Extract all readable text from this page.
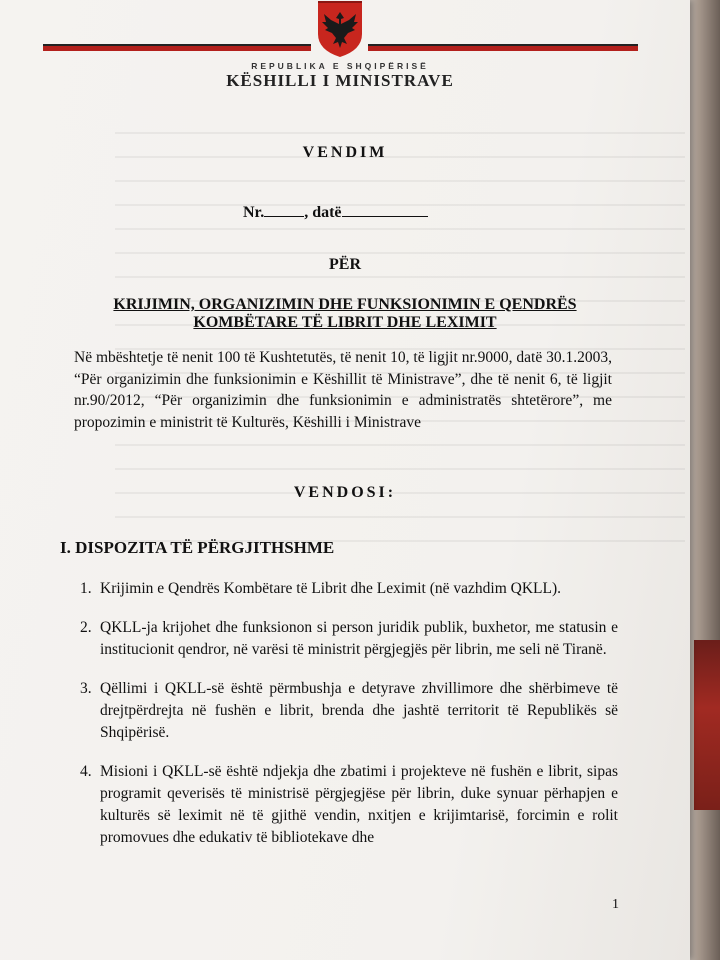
REPUBLIKA E SHQIPËRISË
KËSHILLI I MINISTRAVE
VENDIM
Nr.	, datë
PËR
KRIJIMIN, ORGANIZIMIN DHE FUNKSIONIMIN E QENDRËS
KOMBËTARE TË LIBRIT DHE LEXIMIT
Në mbështetje të nenit 100 të Kushtetutës, të nenit 10, të ligjit nr.9000, datë 30.1.2003, “Për organizimin dhe funksionimin e Këshillit të Ministrave”, dhe të nenit 6, të ligjit nr.90/2012, “Për organizimin dhe funksionimin e administratës shtetërore”, me propozimin e ministrit të Kulturës, Këshilli i Ministrave
VENDOSI:
I. DISPOZITA TË PËRGJITHSHME
1. Krijimin e Qendrës Kombëtare të Librit dhe Leximit (në vazhdim QKLL).
2. QKLL-ja krijohet dhe funksionon si person juridik publik, buxhetor, me statusin e institucionit qendror, në varësi të ministrit përgjegjës për librin, me seli në Tiranë.
3. Qëllimi i QKLL-së është përmbushja e detyrave zhvillimore dhe shërbimeve të drejtpërdrejta në fushën e librit, brenda dhe jashtë territorit të Republikës së Shqipërisë.
4. Misioni i QKLL-së është ndjekja dhe zbatimi i projekteve në fushën e librit, sipas programit qeverisës të ministrisë përgjegjëse për librin, duke synuar përhapjen e kulturës së leximit në të gjithë vendin, nxitjen e krijimtarisë, forcimin e rolit promovues dhe edukativ të bibliotekave dhe
1
